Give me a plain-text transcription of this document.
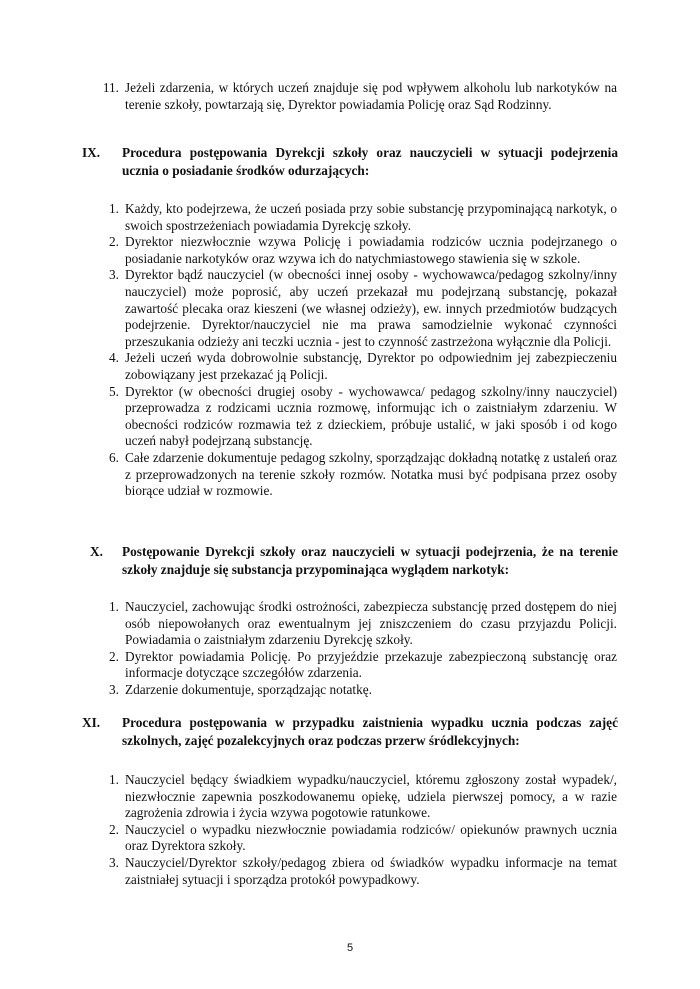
11. Jeżeli zdarzenia, w których uczeń znajduje się pod wpływem alkoholu lub narkotyków na terenie szkoły, powtarzają się, Dyrektor powiadamia Policję oraz Sąd Rodzinny.
IX. Procedura postępowania Dyrekcji szkoły oraz nauczycieli w sytuacji podejrzenia ucznia o posiadanie środków odurzających:
1. Każdy, kto podejrzewa, że uczeń posiada przy sobie substancję przypominającą narkotyk, o swoich spostrzeżeniach powiadamia Dyrekcję szkoły.
2. Dyrektor niezwłocznie wzywa Policję i powiadamia rodziców ucznia podejrzanego o posiadanie narkotyków oraz wzywa ich do natychmiastowego stawienia się w szkole.
3. Dyrektor bądź nauczyciel (w obecności innej osoby - wychowawca/pedagog szkolny/inny nauczyciel) może poprosić, aby uczeń przekazał mu podejrzaną substancję, pokazał zawartość plecaka oraz kieszeni (we własnej odzieży), ew. innych przedmiotów budzących podejrzenie. Dyrektor/nauczyciel nie ma prawa samodzielnie wykonać czynności przeszukania odzieży ani teczki ucznia - jest to czynność zastrzeżona wyłącznie dla Policji.
4. Jeżeli uczeń wyda dobrowolnie substancję, Dyrektor po odpowiednim jej zabezpieczeniu zobowiązany jest przekazać ją Policji.
5. Dyrektor (w obecności drugiej osoby - wychowawca/ pedagog szkolny/inny nauczyciel) przeprowadza z rodzicami ucznia rozmowę, informując ich o zaistniałym zdarzeniu. W obecności rodziców rozmawia też z dzieckiem, próbuje ustalić, w jaki sposób i od kogo uczeń nabył podejrzaną substancję.
6. Całe zdarzenie dokumentuje pedagog szkolny, sporządzając dokładną notatkę z ustaleń oraz z przeprowadzonych na terenie szkoły rozmów. Notatka musi być podpisana przez osoby biorące udział w rozmowie.
X. Postępowanie Dyrekcji szkoły oraz nauczycieli w sytuacji podejrzenia, że na terenie szkoły znajduje się substancja przypominająca wyglądem narkotyk:
1. Nauczyciel, zachowując środki ostrożności, zabezpiecza substancję przed dostępem do niej osób niepowołanych oraz ewentualnym jej zniszczeniem do czasu przyjazdu Policji. Powiadamia o zaistniałym zdarzeniu Dyrekcję szkoły.
2. Dyrektor powiadamia Policję. Po przyjeździe przekazuje zabezpieczoną substancję oraz informacje dotyczące szczegółów zdarzenia.
3. Zdarzenie dokumentuje, sporządzając notatkę.
XI. Procedura postępowania w przypadku zaistnienia wypadku ucznia podczas zajęć szkolnych, zajęć pozalekcyjnych oraz podczas przerw śródlekcyjnych:
1. Nauczyciel będący świadkiem wypadku/nauczyciel, któremu zgłoszony został wypadek/, niezwłocznie zapewnia poszkodowanemu opiekę, udziela pierwszej pomocy, a w razie zagrożenia zdrowia i życia wzywa pogotowie ratunkowe.
2. Nauczyciel o wypadku niezwłocznie powiadamia rodziców/ opiekunów prawnych ucznia oraz Dyrektora szkoły.
3. Nauczyciel/Dyrektor szkoły/pedagog zbiera od świadków wypadku informacje na temat zaistniałej sytuacji i sporządza protokół powypadkowy.
5
